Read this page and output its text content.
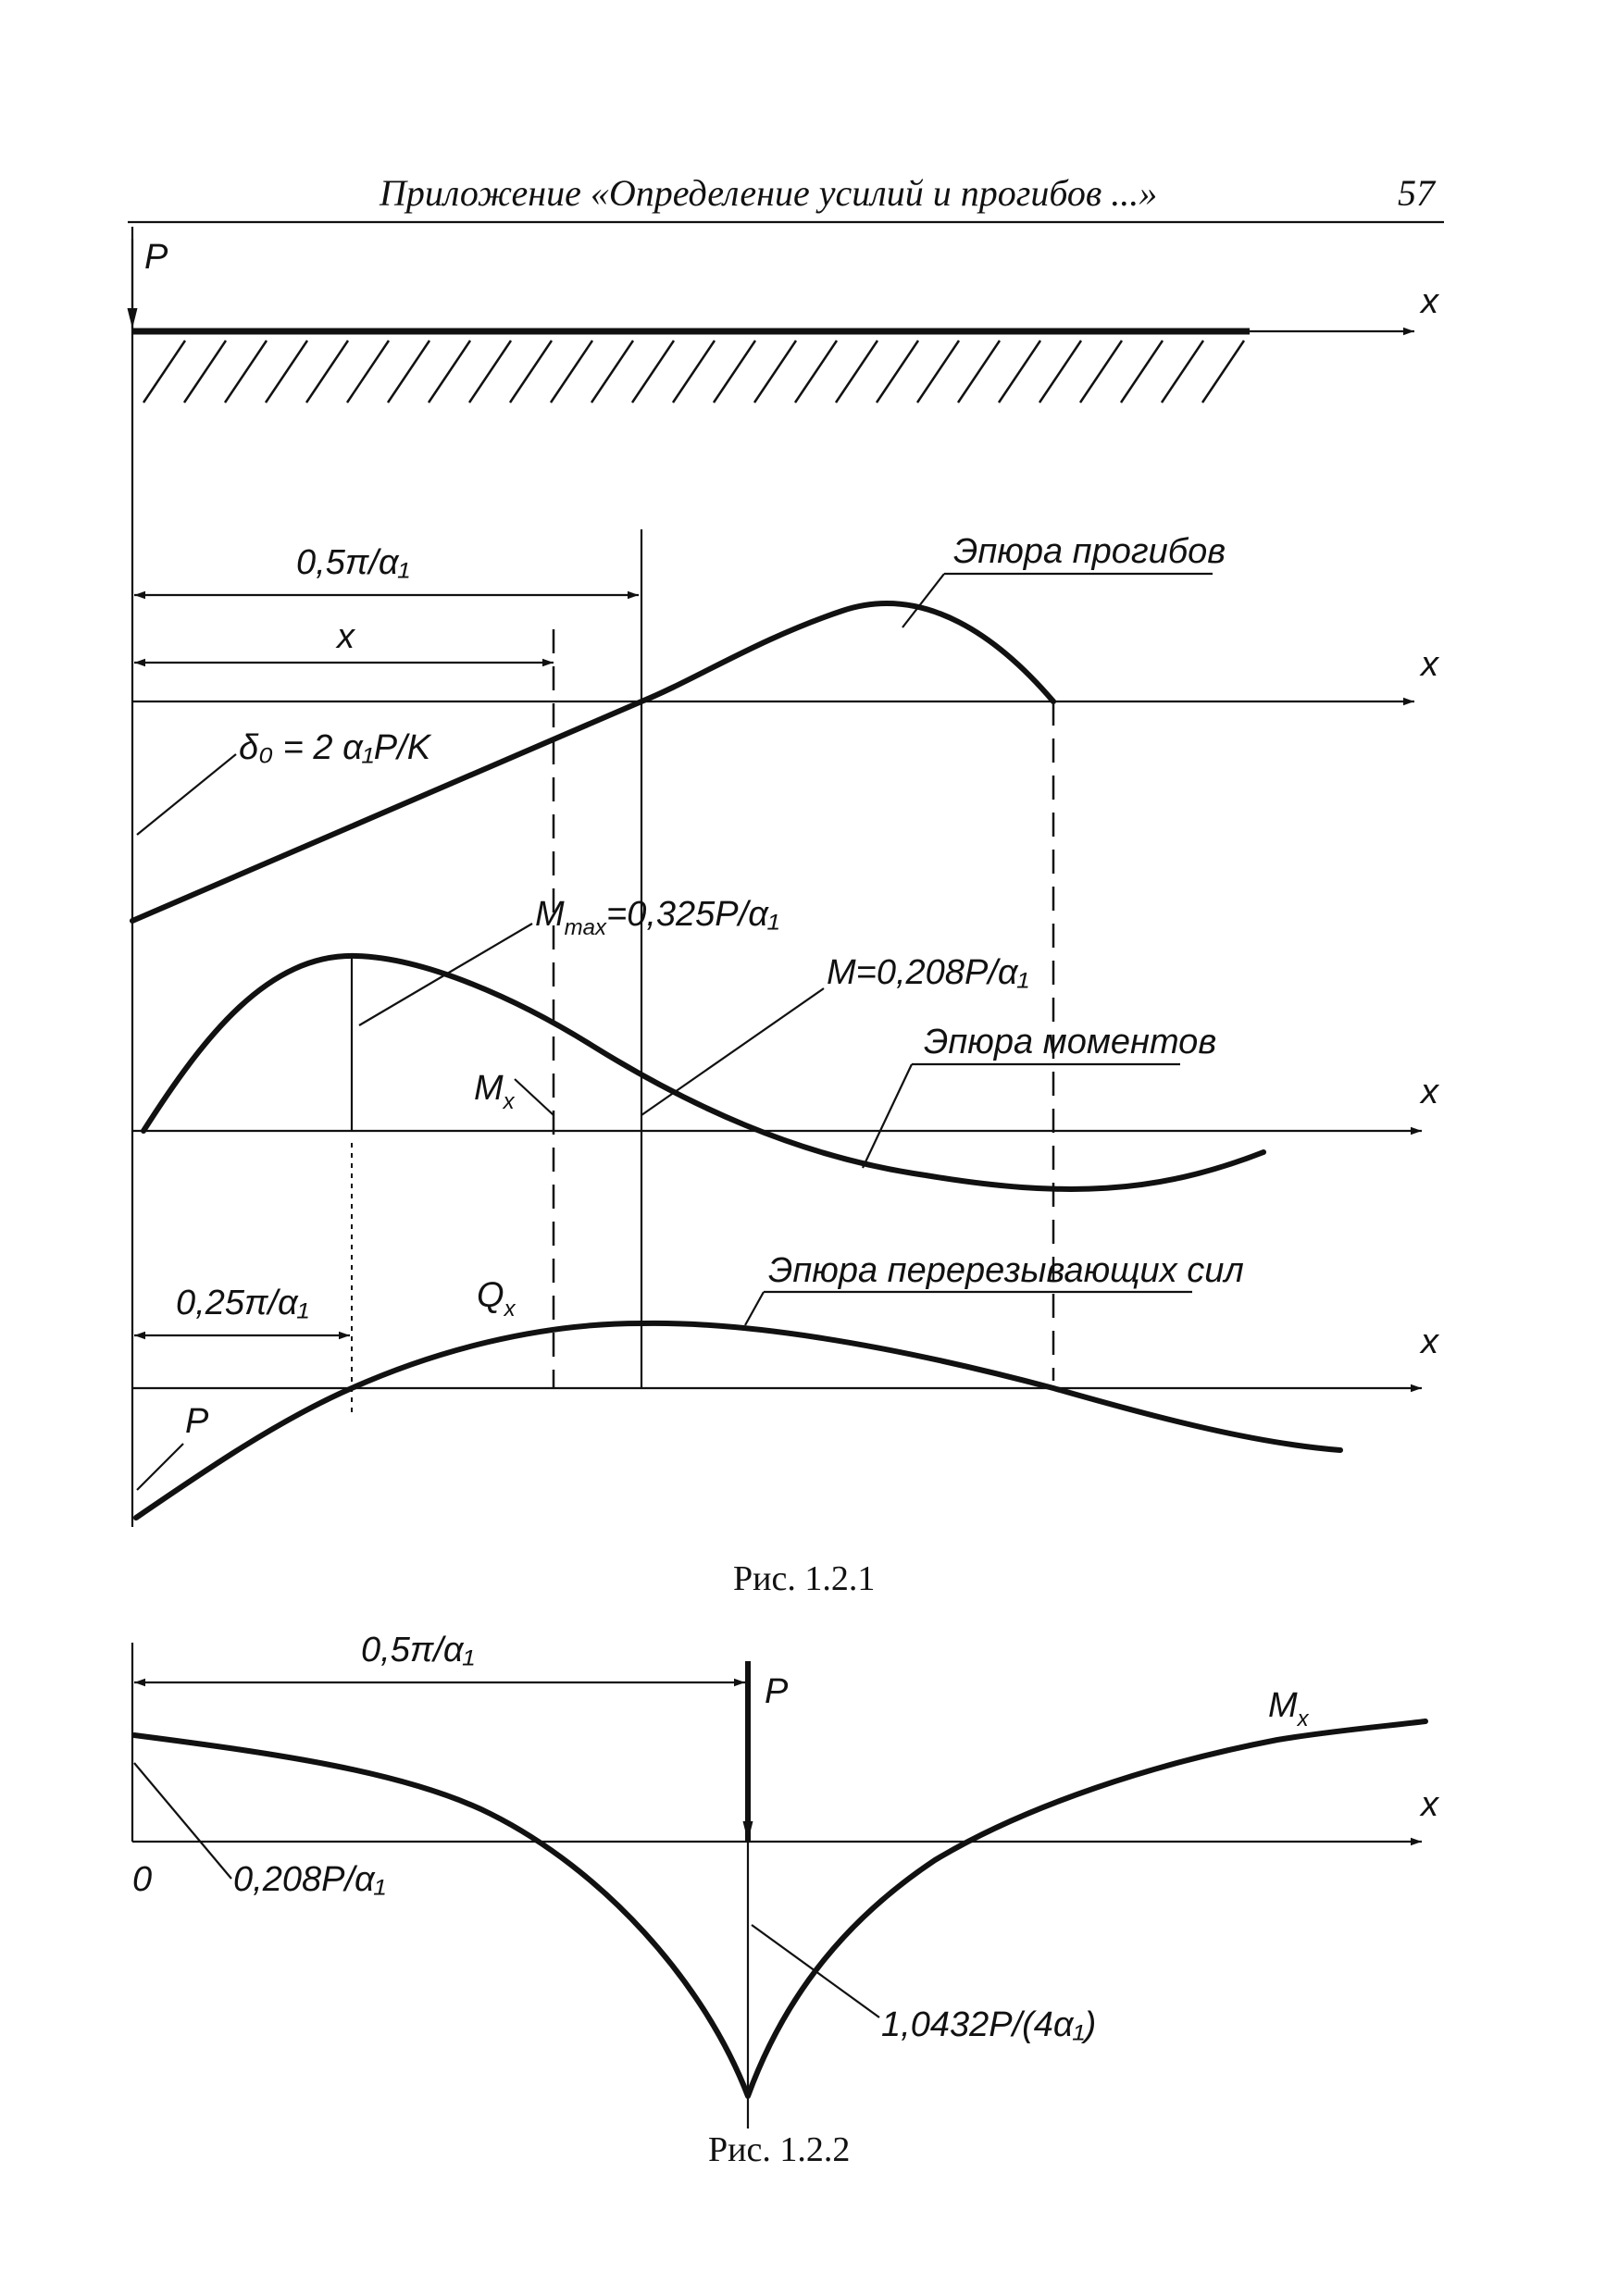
Приложение «Определение усилий и прогибов ...»	57
P
x
x
0,5π/α₁
x
Эпюра прогибов
δ₀ = 2 α₁P/K
x
$M_{max}=0,325P/\alpha_1$
M=0,208P/α₁
$M_x$
Эпюра моментов
x
0,25π/α₁	$Q_x$
Эпюра перерезывающих сил
P
Рис. 1.2.1
x
0
0,5π/α₁
P	$M_x$
0,208P/α₁
1,0432P/(4α₁)
Рис. 1.2.2
